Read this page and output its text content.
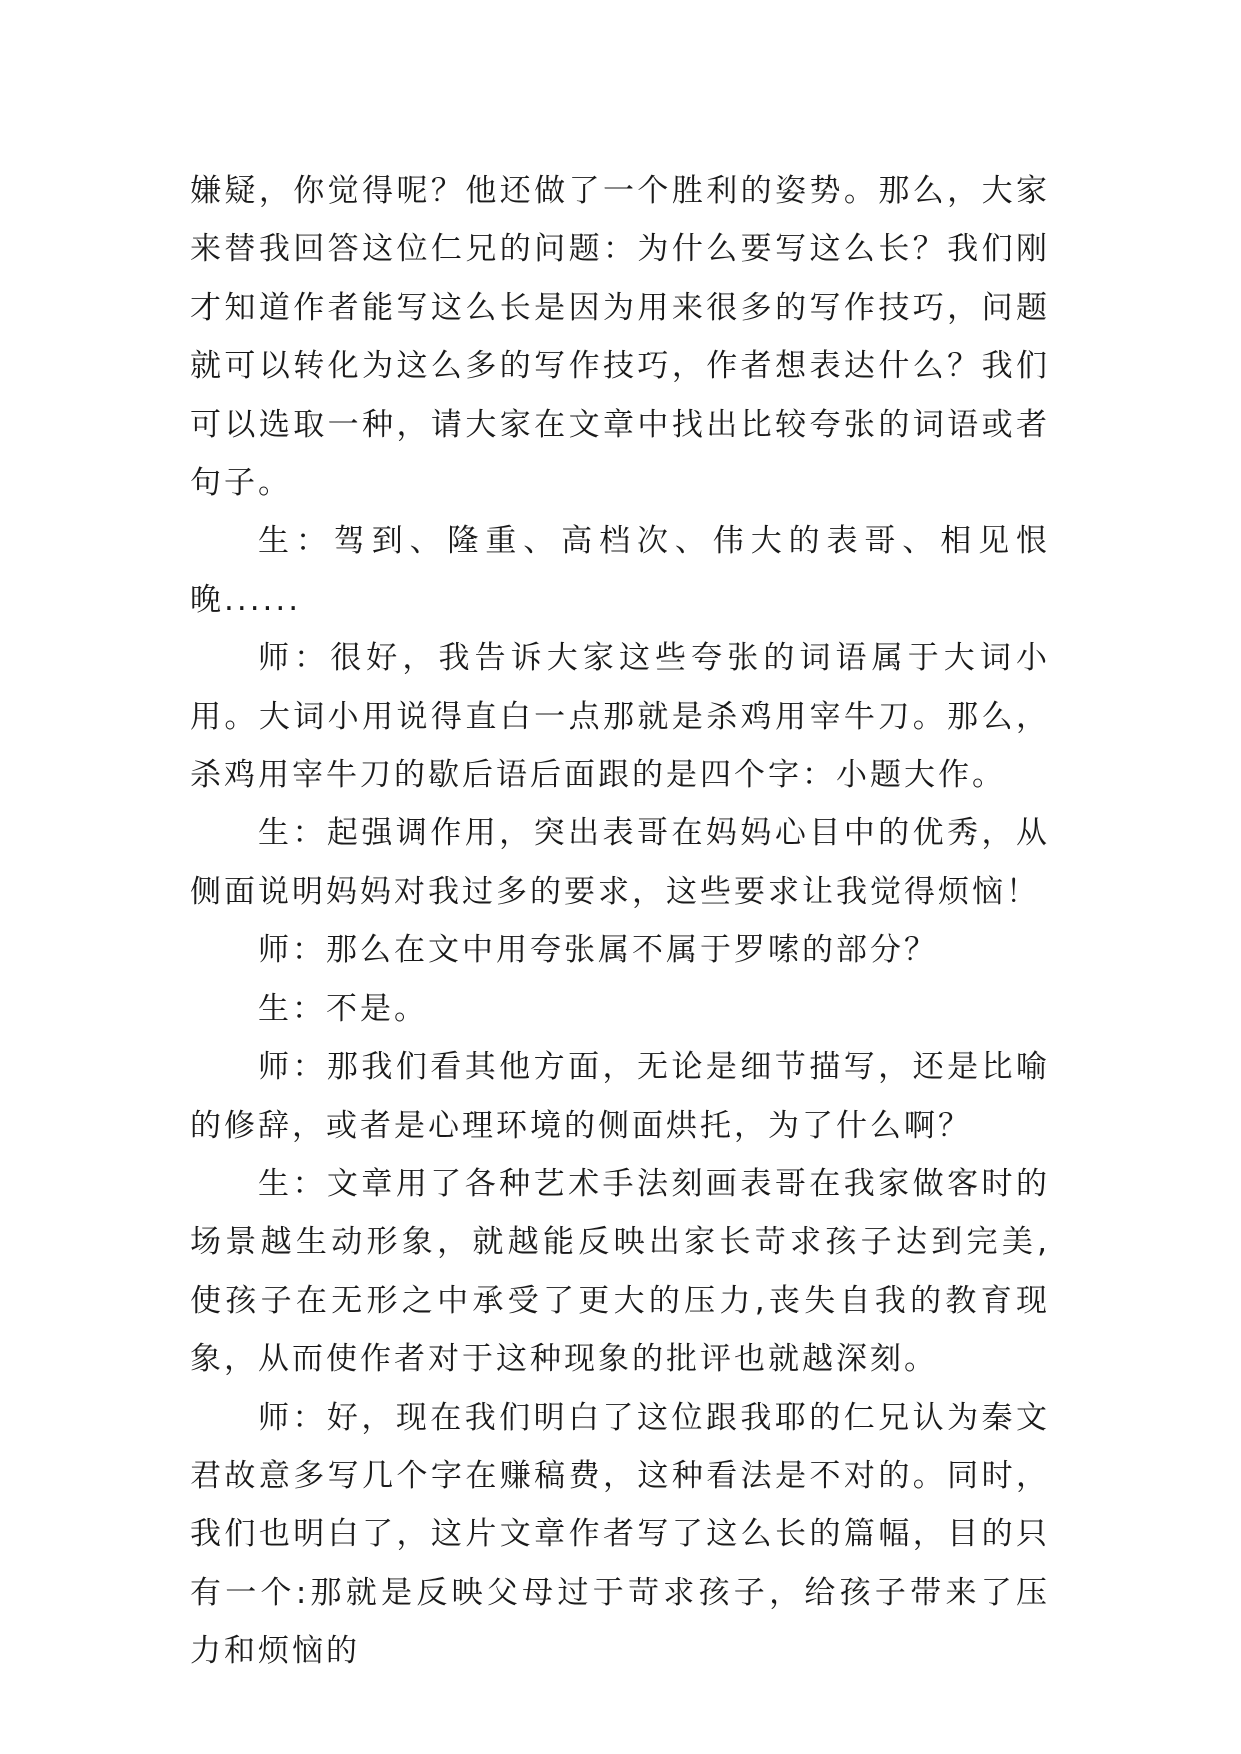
嫌疑，你觉得呢？他还做了一个胜利的姿势。那么，大家来替我回答这位仁兄的问题：为什么要写这么长？我们刚才知道作者能写这么长是因为用来很多的写作技巧，问题就可以转化为这么多的写作技巧，作者想表达什么？我们可以选取一种，请大家在文章中找出比较夸张的词语或者句子。

生：驾到、隆重、高档次、伟大的表哥、相见恨晚......

师：很好，我告诉大家这些夸张的词语属于大词小用。大词小用说得直白一点那就是杀鸡用宰牛刀。那么，杀鸡用宰牛刀的歇后语后面跟的是四个字：小题大作。

生：起强调作用，突出表哥在妈妈心目中的优秀，从侧面说明妈妈对我过多的要求，这些要求让我觉得烦恼！

师：那么在文中用夸张属不属于罗嗦的部分？

生：不是。

师：那我们看其他方面，无论是细节描写，还是比喻的修辞，或者是心理环境的侧面烘托，为了什么啊？

生：文章用了各种艺术手法刻画表哥在我家做客时的场景越生动形象，就越能反映出家长苛求孩子达到完美,使孩子在无形之中承受了更大的压力,丧失自我的教育现象，从而使作者对于这种现象的批评也就越深刻。

师：好，现在我们明白了这位跟我耶的仁兄认为秦文君故意多写几个字在赚稿费，这种看法是不对的。同时，我们也明白了，这片文章作者写了这么长的篇幅，目的只有一个:那就是反映父母过于苛求孩子，给孩子带来了压力和烦恼的
